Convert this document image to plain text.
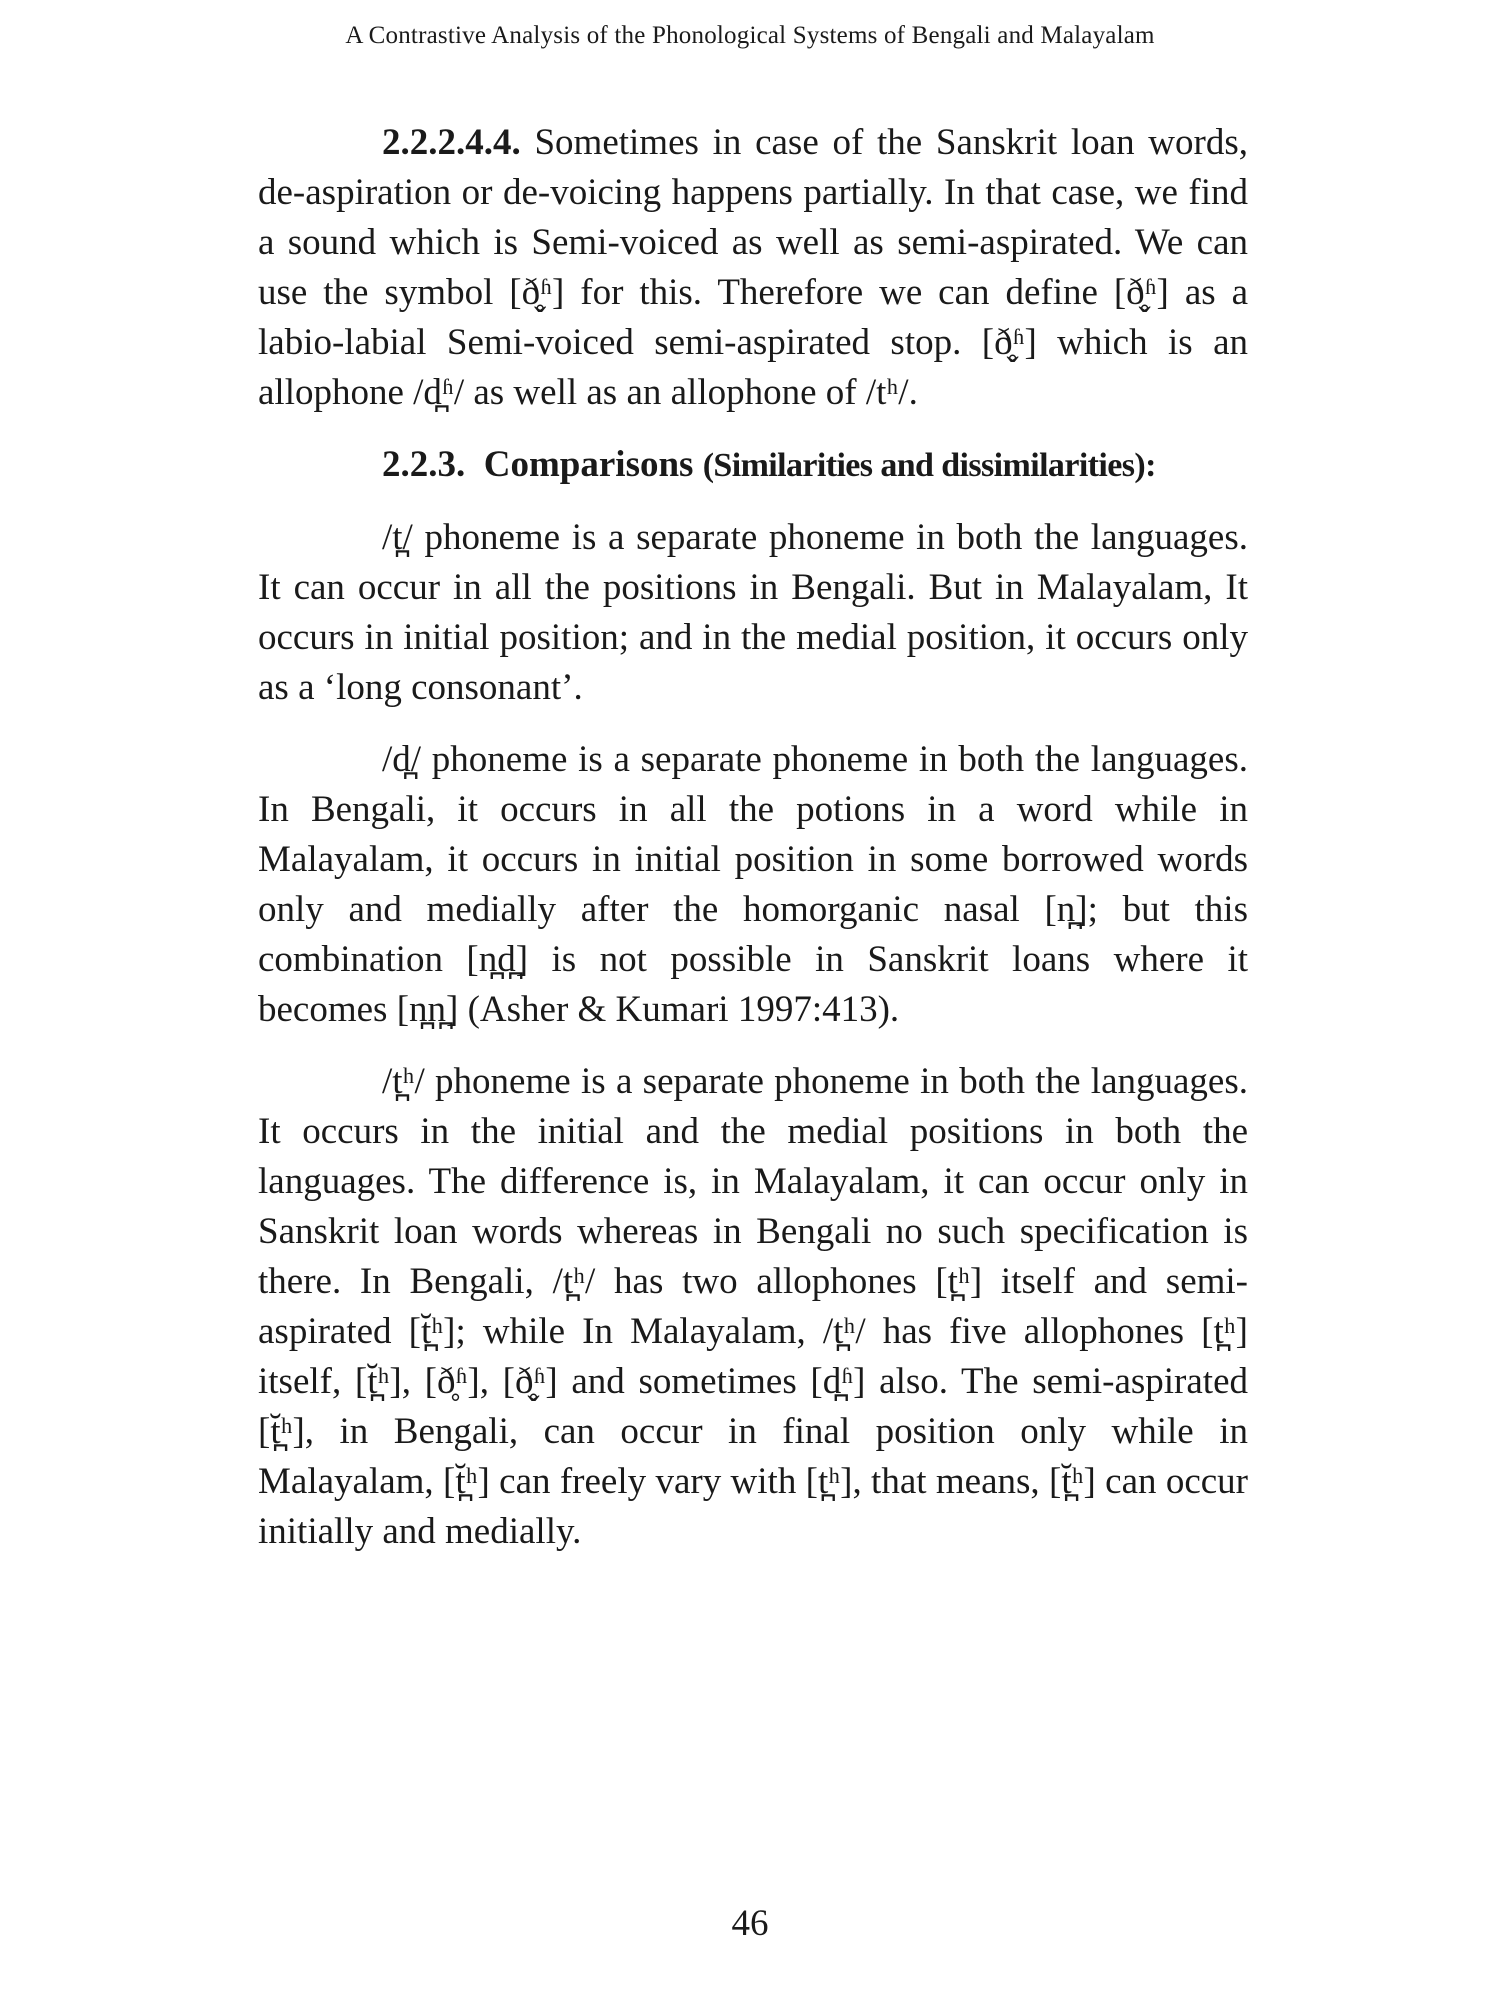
A Contrastive Analysis of the Phonological Systems of Bengali and Malayalam

2.2.2.4.4. Sometimes in case of the Sanskrit loan words, de-aspiration or de-voicing happens partially. In that case, we find a sound which is Semi-voiced as well as semi-aspirated. We can use the symbol [ð̥̬ʱ] for this. Therefore we can define [ð̥̬ʱ] as a labio-labial Semi-voiced semi-aspirated stop. [ð̥̬ʱ] which is an allophone /d̪ʱ/ as well as an allophone of /tʰ/.

2.2.3. Comparisons (Similarities and dissimilarities):

/t̪/ phoneme is a separate phoneme in both the languages. It can occur in all the positions in Bengali. But in Malayalam, It occurs in initial position; and in the medial position, it occurs only as a ‘long consonant’.

/d̪/ phoneme is a separate phoneme in both the languages. In Bengali, it occurs in all the potions in a word while in Malayalam, it occurs in initial position in some borrowed words only and medially after the homorganic nasal [n̪]; but this combination [n̪d̪] is not possible in Sanskrit loans where it becomes [n̪n̪] (Asher & Kumari 1997:413).

/t̪ʰ/ phoneme is a separate phoneme in both the languages. It occurs in the initial and the medial positions in both the languages. The difference is, in Malayalam, it can occur only in Sanskrit loan words whereas in Bengali no such specification is there. In Bengali, /t̪ʰ/ has two allophones [t̪ʰ] itself and semi-aspirated [t̪̆ʰ]; while In Malayalam, /t̪ʰ/ has five allophones [t̪ʰ] itself, [t̪̆ʰ], [ð̥ʱ], [ð̥̬ʱ] and sometimes [d̪ʱ] also. The semi-aspirated [t̪̆ʰ], in Bengali, can occur in final position only while in Malayalam, [t̪̆ʰ] can freely vary with [t̪ʰ], that means, [t̪̆ʰ] can occur initially and medially.

46
